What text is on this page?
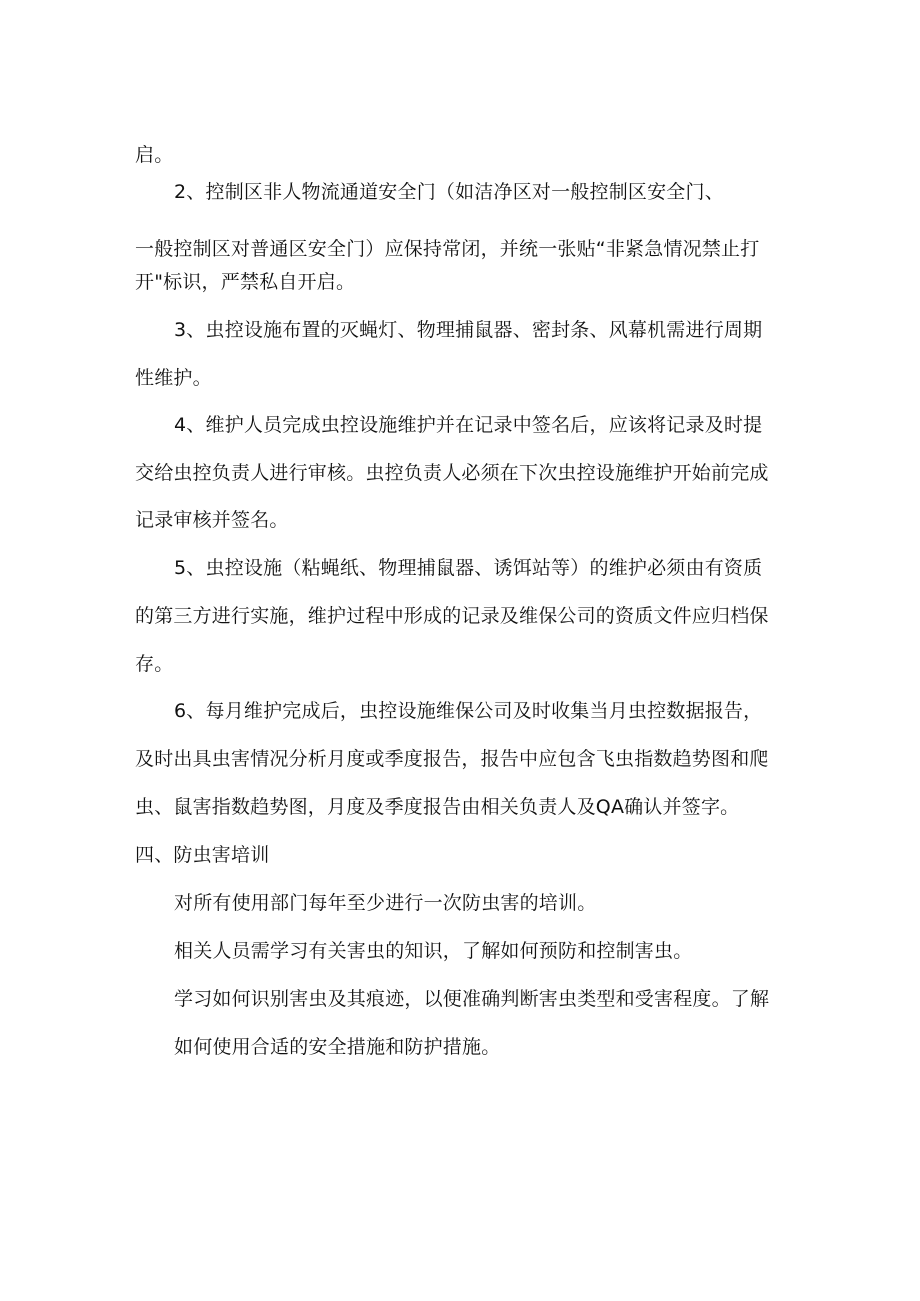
启。
2、控制区非人物流通道安全门（如洁净区对一般控制区安全门、
一般控制区对普通区安全门）应保持常闭，并统一张贴“非紧急情况禁止打
开"标识，严禁私自开启。
3、虫控设施布置的灭蝇灯、物理捕鼠器、密封条、风幕机需进行周期
性维护。
4、维护人员完成虫控设施维护并在记录中签名后，应该将记录及时提
交给虫控负责人进行审核。虫控负责人必须在下次虫控设施维护开始前完成
记录审核并签名。
5、虫控设施（粘蝇纸、物理捕鼠器、诱饵站等）的维护必须由有资质
的第三方进行实施，维护过程中形成的记录及维保公司的资质文件应归档保
存。
6、每月维护完成后，虫控设施维保公司及时收集当月虫控数据报告，
及时出具虫害情况分析月度或季度报告，报告中应包含飞虫指数趋势图和爬
虫、鼠害指数趋势图，月度及季度报告由相关负责人及QA确认并签字。
四、防虫害培训
对所有使用部门每年至少进行一次防虫害的培训。
相关人员需学习有关害虫的知识，了解如何预防和控制害虫。
学习如何识别害虫及其痕迹，以便准确判断害虫类型和受害程度。了解
如何使用合适的安全措施和防护措施。
